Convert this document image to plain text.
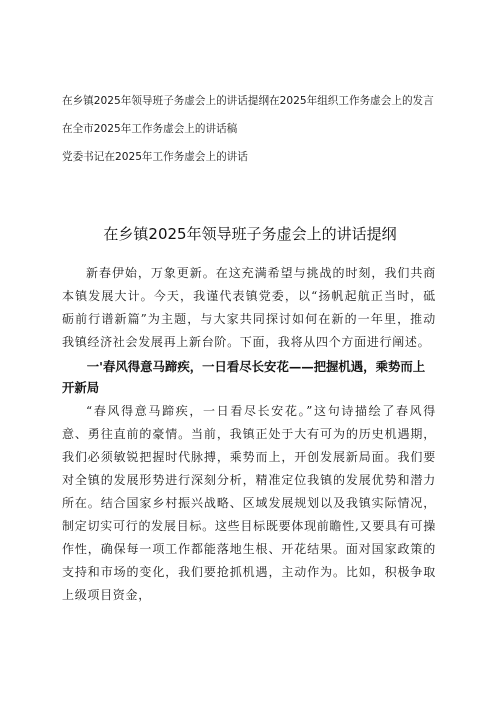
在乡镇2025年领导班子务虚会上的讲话提纲在2025年组织工作务虚会上的发言
在全市2025年工作务虚会上的讲话稿
党委书记在2025年工作务虚会上的讲话
在乡镇2025年领导班子务虚会上的讲话提纲

新春伊始，万象更新。在这充满希望与挑战的时刻，我们共商本镇发展大计。今天，我谨代表镇党委，以“扬帆起航正当时，砥砺前行谱新篇”为主题，与大家共同探讨如何在新的一年里，推动我镇经济社会发展再上新台阶。下面，我将从四个方面进行阐述。

一'春风得意马蹄疾，一日看尽长安花——把握机遇，乘势而上开新局

“春风得意马蹄疾，一日看尽长安花。”这句诗描绘了春风得意、勇往直前的豪情。当前，我镇正处于大有可为的历史机遇期，我们必须敏锐把握时代脉搏，乘势而上，开创发展新局面。我们要对全镇的发展形势进行深刻分析，精准定位我镇的发展优势和潜力所在。结合国家乡村振兴战略、区域发展规划以及我镇实际情况，制定切实可行的发展目标。这些目标既要体现前瞻性,又要具有可操作性，确保每一项工作都能落地生根、开花结果。面对国家政策的支持和市场的变化，我们要抢抓机遇，主动作为。比如，积极争取上级项目资金，
